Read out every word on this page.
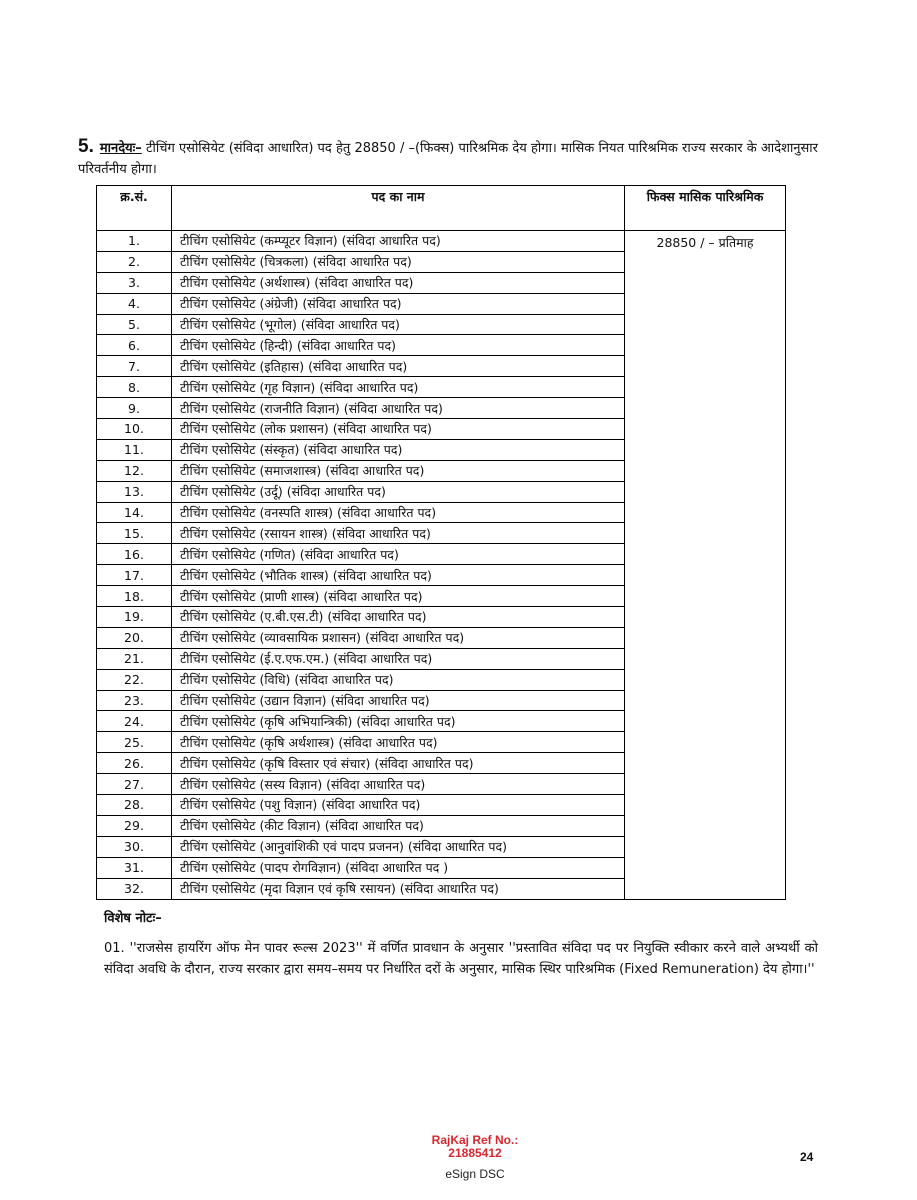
5. मानदेयः– टीचिंग एसोसियेट (संविदा आधारित) पद हेतु 28850 / –(फिक्स) पारिश्रमिक देय होगा। मासिक नियत पारिश्रमिक राज्य सरकार के आदेशानुसार परिवर्तनीय होगा।
क्र.सं.	पद का नाम	फिक्स मासिक पारिश्रमिक
1.	टीचिंग एसोसियेट (कम्प्यूटर विज्ञान) (संविदा आधारित पद)	28850 / – प्रतिमाह
2.	टीचिंग एसोसियेट (चित्रकला) (संविदा आधारित पद)	
3.	टीचिंग एसोसियेट (अर्थशास्त्र) (संविदा आधारित पद)	
4.	टीचिंग एसोसियेट (अंग्रेजी) (संविदा आधारित पद)	
5.	टीचिंग एसोसियेट (भूगोल) (संविदा आधारित पद)	
6.	टीचिंग एसोसियेट (हिन्दी) (संविदा आधारित पद)	
7.	टीचिंग एसोसियेट (इतिहास) (संविदा आधारित पद)	
8.	टीचिंग एसोसियेट (गृह विज्ञान) (संविदा आधारित पद)	
9.	टीचिंग एसोसियेट (राजनीति विज्ञान) (संविदा आधारित पद)	
10.	टीचिंग एसोसियेट (लोक प्रशासन) (संविदा आधारित पद)	
11.	टीचिंग एसोसियेट (संस्कृत) (संविदा आधारित पद)	
12.	टीचिंग एसोसियेट (समाजशास्त्र) (संविदा आधारित पद)	
13.	टीचिंग एसोसियेट (उर्दू) (संविदा आधारित पद)	
14.	टीचिंग एसोसियेट (वनस्पति शास्त्र) (संविदा आधारित पद)	
15.	टीचिंग एसोसियेट (रसायन शास्त्र) (संविदा आधारित पद)	
16.	टीचिंग एसोसियेट (गणित) (संविदा आधारित पद)	
17.	टीचिंग एसोसियेट (भौतिक शास्त्र) (संविदा आधारित पद)	
18.	टीचिंग एसोसियेट (प्राणी शास्त्र) (संविदा आधारित पद)	
19.	टीचिंग एसोसियेट (ए.बी.एस.टी) (संविदा आधारित पद)	
20.	टीचिंग एसोसियेट (व्यावसायिक प्रशासन) (संविदा आधारित पद)	
21.	टीचिंग एसोसियेट (ई.ए.एफ.एम.) (संविदा आधारित पद)	
22.	टीचिंग एसोसियेट (विधि) (संविदा आधारित पद)	
23.	टीचिंग एसोसियेट (उद्यान विज्ञान) (संविदा आधारित पद)	
24.	टीचिंग एसोसियेट (कृषि अभियान्त्रिकी) (संविदा आधारित पद)	
25.	टीचिंग एसोसियेट (कृषि अर्थशास्त्र) (संविदा आधारित पद)	
26.	टीचिंग एसोसियेट (कृषि विस्तार एवं संचार) (संविदा आधारित पद)	
27.	टीचिंग एसोसियेट (सस्य विज्ञान) (संविदा आधारित पद)	
28.	टीचिंग एसोसियेट (पशु विज्ञान) (संविदा आधारित पद)	
29.	टीचिंग एसोसियेट (कीट विज्ञान) (संविदा आधारित पद)	
30.	टीचिंग एसोसियेट (आनुवांशिकी एवं पादप प्रजनन) (संविदा आधारित पद)	
31.	टीचिंग एसोसियेट (पादप रोगविज्ञान) (संविदा आधारित पद )	
32.	टीचिंग एसोसियेट (मृदा विज्ञान एवं कृषि रसायन) (संविदा आधारित पद)	
विशेष नोटः–
01. ''राजसेस हायरिंग ऑफ मेन पावर रूल्स 2023'' में वर्णित प्रावधान के अनुसार ''प्रस्तावित संविदा पद पर नियुक्ति स्वीकार करने वाले अभ्यर्थी को संविदा अवधि के दौरान, राज्य सरकार द्वारा समय–समय पर निर्धारित दरों के अनुसार, मासिक स्थिर पारिश्रमिक (Fixed Remuneration) देय होगा।''
RajKaj Ref No.:
21885412
eSign DSC
24
